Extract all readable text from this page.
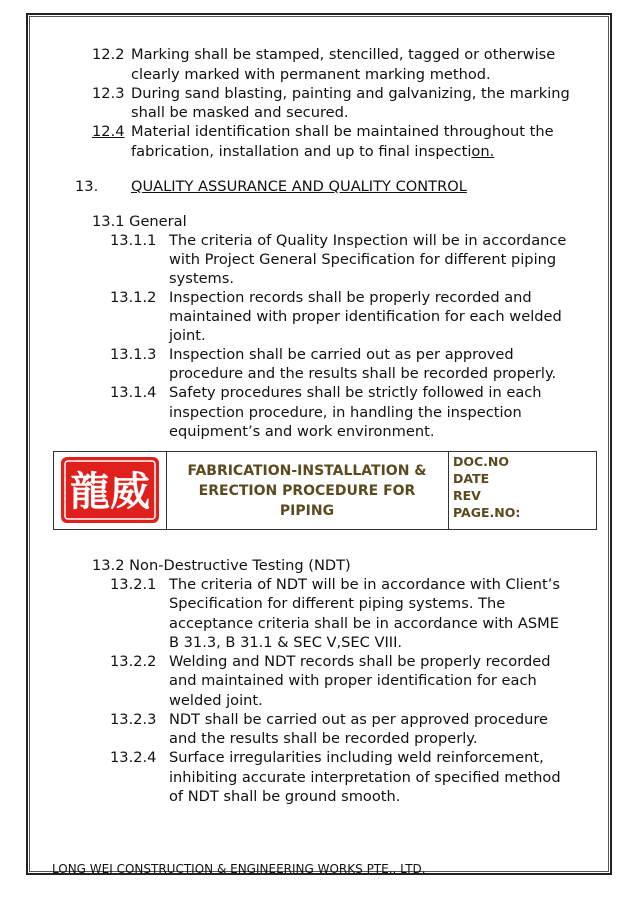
12.2 Marking shall be stamped, stencilled, tagged or otherwise
clearly marked with permanent marking method.
12.3 During sand blasting, painting and galvanizing, the marking
shall be masked and secured.
12.4 Material identification shall be maintained throughout the
fabrication, installation and up to final inspection.
13. QUALITY ASSURANCE AND QUALITY CONTROL
13.1 General
13.1.1 The criteria of Quality Inspection will be in accordance
with Project General Specification for different piping
systems.
13.1.2 Inspection records shall be properly recorded and
maintained with proper identification for each welded
joint.
13.1.3 Inspection shall be carried out as per approved
procedure and the results shall be recorded properly.
13.1.4 Safety procedures shall be strictly followed in each
inspection procedure, in handling the inspection
equipment’s and work environment.
龍威	FABRICATION-INSTALLATION &
ERECTION PROCEDURE FOR
PIPING
DOC.NO
DATE
REV
PAGE.NO:
13.2 Non-Destructive Testing (NDT)
13.2.1 The criteria of NDT will be in accordance with Client’s
Specification for different piping systems. The
acceptance criteria shall be in accordance with ASME
B 31.3, B 31.1 & SEC V,SEC VIII.
13.2.2 Welding and NDT records shall be properly recorded
and maintained with proper identification for each
welded joint.
13.2.3 NDT shall be carried out as per approved procedure
and the results shall be recorded properly.
13.2.4 Surface irregularities including weld reinforcement,
inhibiting accurate interpretation of specified method
of NDT shall be ground smooth.
LONG WEI CONSTRUCTION & ENGINEERING WORKS PTE,. LTD.
